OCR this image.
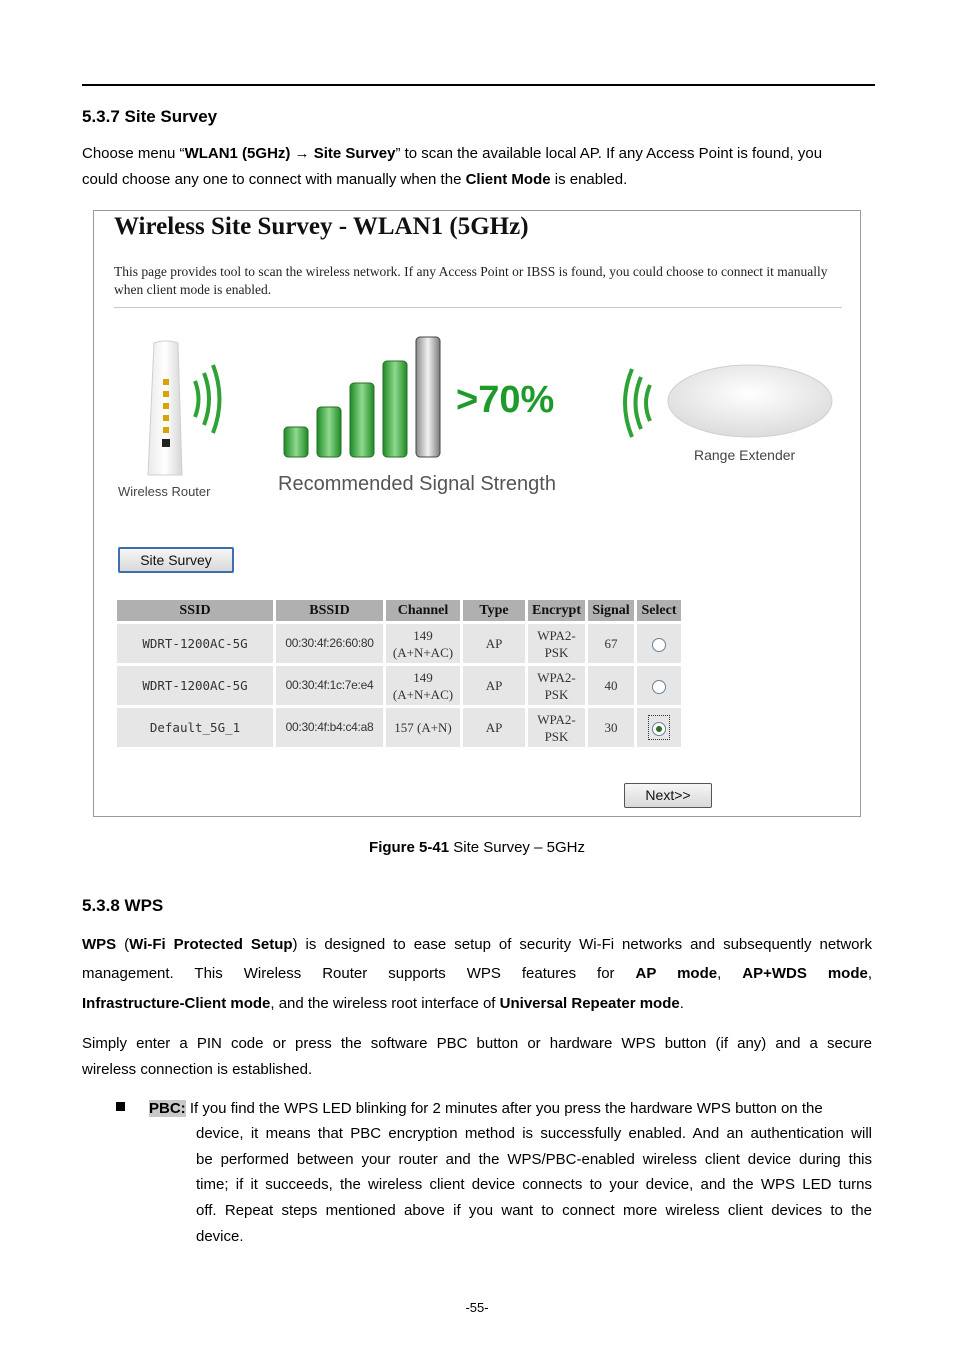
5.3.7 Site Survey
Choose menu “WLAN1 (5GHz) → Site Survey” to scan the available local AP. If any Access Point is found, you
could choose any one to connect with manually when the Client Mode is enabled.
Wireless Site Survey - WLAN1 (5GHz)
This page provides tool to scan the wireless network. If any Access Point or IBSS is found, you could choose to connect it manually when client mode is enabled.
Wireless Router
>70%
Recommended Signal Strength
Range Extender
Site Survey
SSID	BSSID	Channel	Type	Encrypt	Signal	Select
WDRT-1200AC-5G	00:30:4f:26:60:80	149
(A+N+AC)	AP	WPA2-
PSK	67	
WDRT-1200AC-5G	00:30:4f:1c:7e:e4	149
(A+N+AC)	AP	WPA2-
PSK	40	
Default_5G_1	00:30:4f:b4:c4:a8	157 (A+N)	AP	WPA2-
PSK	30	
Next>>
Figure 5-41 Site Survey – 5GHz
5.3.8 WPS
WPS (Wi-Fi Protected Setup) is designed to ease setup of security Wi-Fi networks and subsequently network
management. This Wireless Router supports WPS features for AP mode, AP+WDS mode,
Infrastructure-Client mode, and the wireless root interface of Universal Repeater mode.
Simply enter a PIN code or press the software PBC button or hardware WPS button (if any) and a secure
wireless connection is established.
PBC: If you find the WPS LED blinking for 2 minutes after you press the hardware WPS button on the
device, it means that PBC encryption method is successfully enabled. And an authentication will
be performed between your router and the WPS/PBC-enabled wireless client device during this
time; if it succeeds, the wireless client device connects to your device, and the WPS LED turns
off. Repeat steps mentioned above if you want to connect more wireless client devices to the
device.
-55-
